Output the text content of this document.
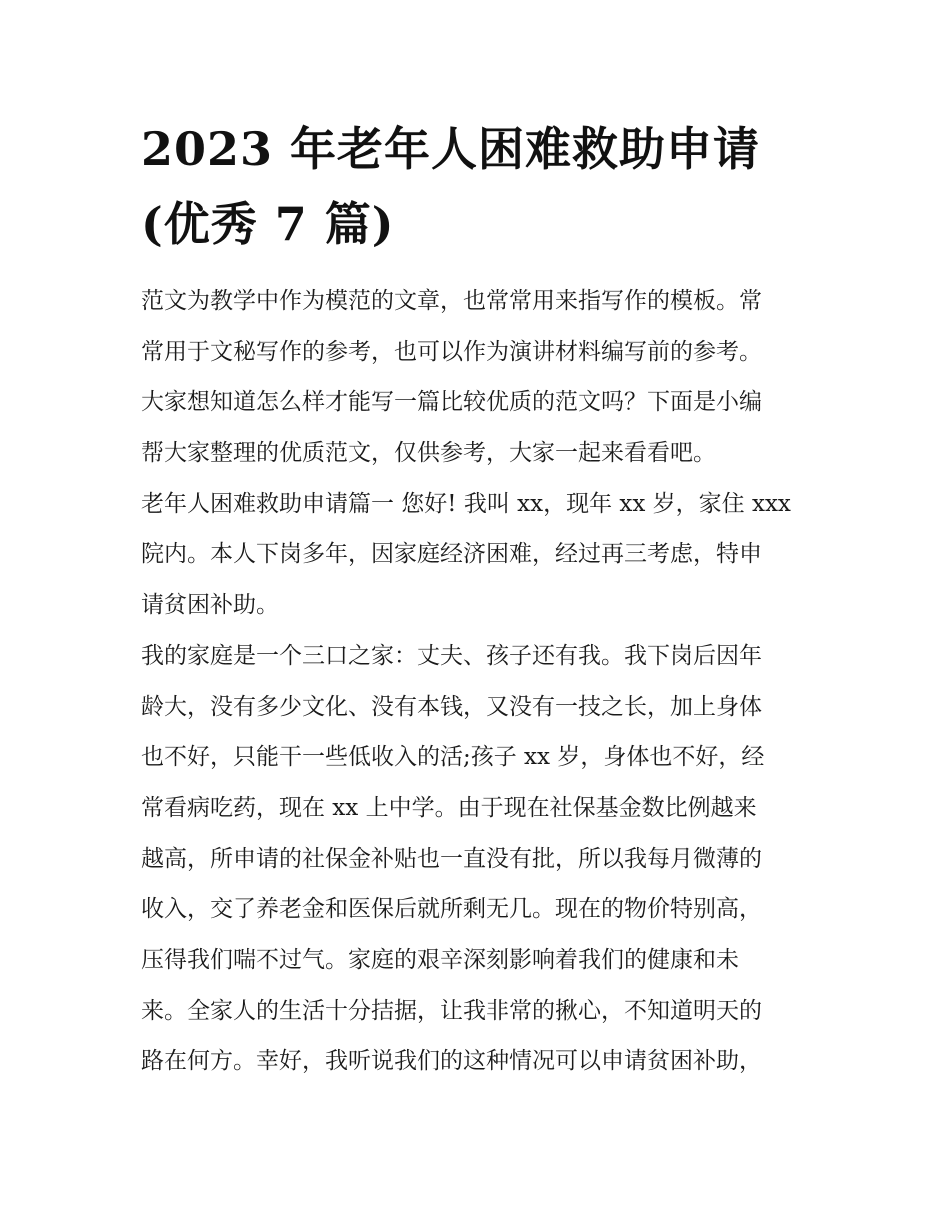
2023 年老年人困难救助申请
(优秀 7 篇)
范文为教学中作为模范的文章，也常常用来指写作的模板。常
常用于文秘写作的参考，也可以作为演讲材料编写前的参考。
大家想知道怎么样才能写一篇比较优质的范文吗？下面是小编
帮大家整理的优质范文，仅供参考，大家一起来看看吧。
老年人困难救助申请篇一 您好! 我叫 xx，现年 xx 岁，家住 xxx
院内。本人下岗多年，因家庭经济困难，经过再三考虑，特申
请贫困补助。
我的家庭是一个三口之家：丈夫、孩子还有我。我下岗后因年
龄大，没有多少文化、没有本钱，又没有一技之长，加上身体
也不好，只能干一些低收入的活;孩子 xx 岁，身体也不好，经
常看病吃药，现在 xx 上中学。由于现在社保基金数比例越来
越高，所申请的社保金补贴也一直没有批，所以我每月微薄的
收入，交了养老金和医保后就所剩无几。现在的物价特别高，
压得我们喘不过气。家庭的艰辛深刻影响着我们的健康和未
来。全家人的生活十分拮据，让我非常的揪心，不知道明天的
路在何方。幸好，我听说我们的这种情况可以申请贫困补助，
